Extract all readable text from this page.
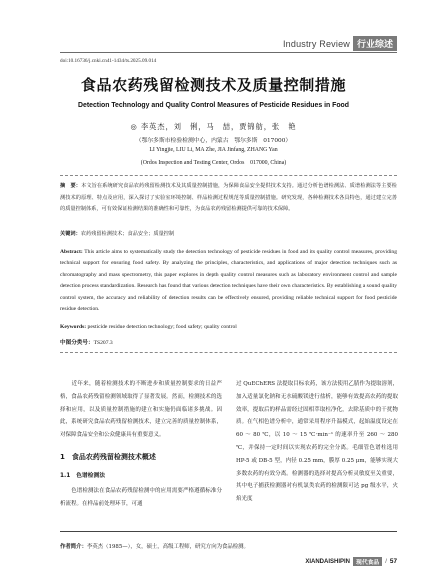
Industry Review 行业综述
doi:10.16736/j.cnki.cn41-1434/ts.2025.09.014
食品农药残留检测技术及质量控制措施
Detection Technology and Quality Control Measures of Pesticide Residues in Food
◎ 李英杰，刘　俐，马　喆，贾锦舫，张　艳
（鄂尔多斯市检验检测中心，内蒙古　鄂尔多斯　017000）
LI Yingjie, LIU Li, MA Zhe, JIA Jinfang, ZHANG Yan
(Ordos Inspection and Testing Center, Ordos　017000, China)

摘　要：本文旨在系统研究食品农药残留检测技术及其质量控制措施，为保障食品安全提供技术支持。通过分析色谱检测法、质谱检测法等主要检测技术的原理、特点及应用，深入探讨了实验室环境控制、样品检测过程规范等质量控制措施。研究发现，各种检测技术各具特色，通过建立完善的质量控制体系，可有效保证检测结果的准确性和可靠性，为食品农药残留检测提供可靠的技术保障。

关键词：农药残留检测技术；食品安全；质量控制

Abstract: This article aims to systematically study the detection technology of pesticide residues in food and its quality control measures, providing technical support for ensuring food safety. By analyzing the principles, characteristics, and applications of major detection techniques such as chromatography and mass spectrometry, this paper explores in depth quality control measures such as laboratory environment control and sample detection process standardization. Research has found that various detection techniques have their own characteristics. By establishing a sound quality control system, the accuracy and reliability of detection results can be effectively ensured, providing reliable technical support for food pesticide residue detection.

Keywords: pesticide residue detection technology; food safety; quality control

中图分类号：TS207.3

　　近年来，随着检测技术的不断进步和质量控制要求的日益严格，食品农药残留检测领域取得了显著发展。然而，检测技术的选择和应用，以及质量控制措施的建立和实施仍面临诸多挑战。因此，系统研究食品农药残留检测技术，建立完善的质量控制体系，对保障食品安全和公众健康具有重要意义。

1　食品农药残留检测技术概述
1.1　色谱检测法

　　色谱检测法在食品农药残留检测中的应用需要严格遵循标准分析流程。在样品前处理环节，可通

过 QuEChERS 法提取目标农药，该方法使用乙腈作为提取溶剂，加入适量氯化钠和无水硫酸镁进行盐析，能够有效提高农药的提取效率，提取后的样品需经过固相萃取柱净化，去除基质中的干扰物质。在气相色谱分析中，通常采用程序升温模式，起始温度设定在 60 ～ 80 ℃，以 10 ～ 15 ℃·min⁻¹ 的速率升至 260 ～ 280 ℃，并保持一定时间以实现农药的完全分离。毛细管色谱柱选用 HP-5 或 DB-5 型，内径 0.25 mm，膜厚 0.25 μm，能够实现大多数农药的有效分离。检测器的选择对提高分析灵敏度至关重要，其中电子捕获检测器对有机氯类农药的检测限可达 pg 级水平，火焰光度

作者简介：李英杰（1985—），女，硕士，高级工程师，研究方向为食品检测。

XIANDAISHIPIN	现代食品	/ 57
